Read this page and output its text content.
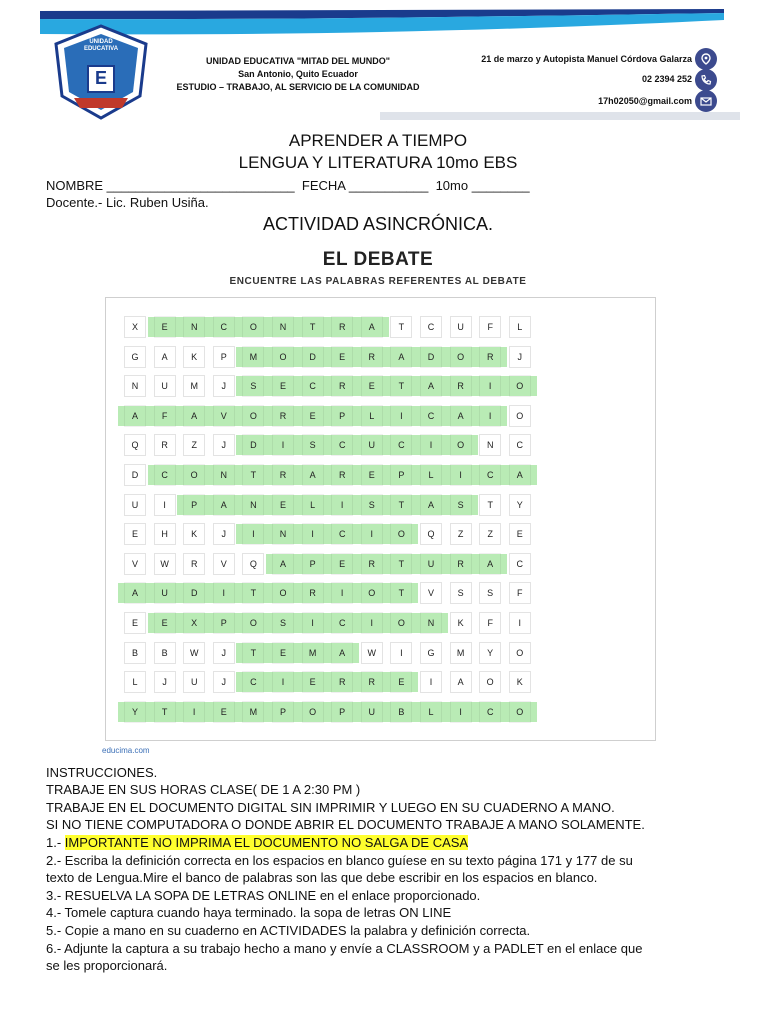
UNIDAD EDUCATIVA
E
UNIDAD EDUCATIVA "MITAD DEL MUNDO"
San Antonio, Quito Ecuador
ESTUDIO – TRABAJO, AL SERVICIO DE LA COMUNIDAD
21 de marzo y Autopista Manuel Córdova Galarza
02 2394 252
17h02050@gmail.com
APRENDER A TIEMPO
LENGUA Y LITERATURA 10mo EBS
NOMBRE __________________________  FECHA ___________  10mo ________
Docente.- Lic. Ruben Usiña.
ACTIVIDAD ASINCRÓNICA.
EL DEBATE
ENCUENTRE LAS PALABRAS REFERENTES AL DEBATE
X	E	N	C	O	N	T	R	A	T	C	U	F	L
G	A	K	P	M	O	D	E	R	A	D	O	R	J
N	U	M	J	S	E	C	R	E	T	A	R	I	O
A	F	A	V	O	R	E	P	L	I	C	A	I	O
Q	R	Z	J	D	I	S	C	U	C	I	O	N	C
D	C	O	N	T	R	A	R	E	P	L	I	C	A
U	I	P	A	N	E	L	I	S	T	A	S	T	Y
E	H	K	J	I	N	I	C	I	O	Q	Z	Z	E
V	W	R	V	Q	A	P	E	R	T	U	R	A	C
A	U	D	I	T	O	R	I	O	T	V	S	S	F
E	E	X	P	O	S	I	C	I	O	N	K	F	I
B	B	W	J	T	E	M	A	W	I	G	M	Y	O
L	J	U	J	C	I	E	R	R	E	I	A	O	K
Y	T	I	E	M	P	O	P	U	B	L	I	C	O
educima.com
INSTRUCCIONES.
TRABAJE EN SUS HORAS CLASE( DE 1 A 2:30 PM )
TRABAJE EN EL DOCUMENTO DIGITAL SIN IMPRIMIR Y LUEGO EN SU CUADERNO A MANO.
SI NO TIENE COMPUTADORA O DONDE ABRIR EL DOCUMENTO TRABAJE A MANO SOLAMENTE.
1.- IMPORTANTE NO IMPRIMA EL DOCUMENTO NO SALGA DE CASA
2.- Escriba la definición correcta en los espacios en blanco guíese en su texto página 171 y 177 de su
texto de Lengua.Mire el banco de palabras son las que debe escribir en los espacios en blanco.
3.- RESUELVA LA SOPA DE LETRAS ONLINE en el enlace proporcionado.
4.- Tomele captura cuando haya terminado. la sopa de letras ON LINE
5.- Copie a mano en su cuaderno en ACTIVIDADES la palabra y definición correcta.
6.- Adjunte la captura a su trabajo hecho a mano y envíe a CLASSROOM y a PADLET en el enlace que
se les proporcionará.
